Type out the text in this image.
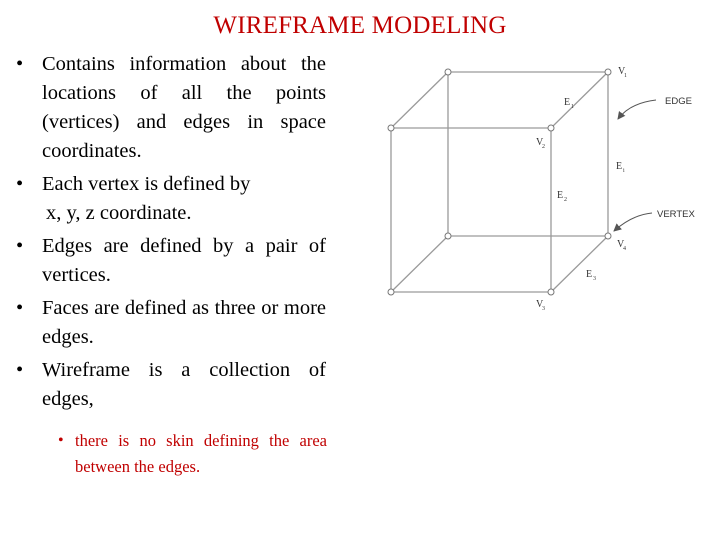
WIREFRAME MODELING
• Contains information about the locations of all the points (vertices) and edges in space coordinates.
• Each vertex is defined by
x, y, z coordinate.
• Edges are defined by a pair of vertices.
• Faces are defined as three or more edges.
• Wireframe is a collection of edges,
• there is no skin defining the area between the edges.
V
1
V
2
V
3
V
4
E 1
E 2
E 3
E i
EDGE
VERTEX
